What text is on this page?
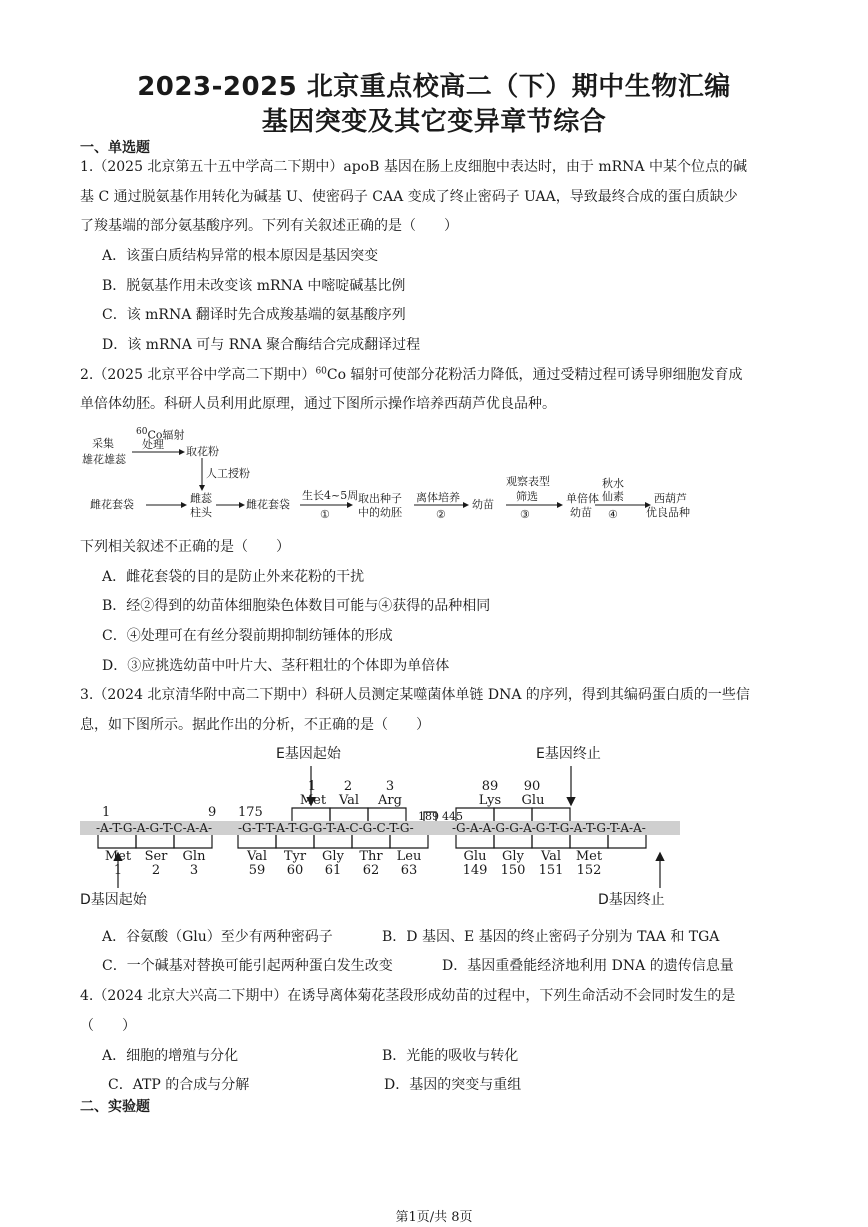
2023-2025 北京重点校高二（下）期中生物汇编
基因突变及其它变异章节综合
一、单选题
1.（2025 北京第五十五中学高二下期中）apoB 基因在肠上皮细胞中表达时，由于 mRNA 中某个位点的碱
基 C 通过脱氨基作用转化为碱基 U、使密码子 CAA 变成了终止密码子 UAA，导致最终合成的蛋白质缺少
了羧基端的部分氨基酸序列。下列有关叙述正确的是（　　）
A．该蛋白质结构异常的根本原因是基因突变
B．脱氨基作用未改变该 mRNA 中嘧啶碱基比例
C．该 mRNA 翻译时先合成羧基端的氨基酸序列
D．该 mRNA 可与 RNA 聚合酶结合完成翻译过程
2.（2025 北京平谷中学高二下期中）$^{60}$Co 辐射可使部分花粉活力降低，通过受精过程可诱导卵细胞发育成
单倍体幼胚。科研人员利用此原理，通过下图所示操作培养西葫芦优良品种。
采集
雄花雄蕊
$^{60}$Co辐射
处理
取花粉
人工授粉
雌花套袋	雌蕊
柱头
雌花套袋
生长4~5周
①
取出种子
中的幼胚
离体培养
②
幼苗
观察表型
筛选
③
单倍体
幼苗
秋水
仙素
④
西葫芦
优良品种
下列相关叙述不正确的是（　　）
A．雌花套袋的目的是防止外来花粉的干扰
B．经②得到的幼苗体细胞染色体数目可能与④获得的品种相同
C．④处理可在有丝分裂前期抑制纺锤体的形成
D．③应挑选幼苗中叶片大、茎秆粗壮的个体即为单倍体
3.（2024 北京清华附中高二下期中）科研人员测定某噬菌体单链 DNA 的序列，得到其编码蛋白质的一些信
息，如下图所示。据此作出的分析，不正确的是（　　）
E基因起始	E基因终止
1
Met
2
Val
3
Arg
89
Lys
90
Glu
1	9 175	189 445
-A-T-G-A-G-T-C-A-A- -G-T-T-A-T-G-G-T-A-C-G-C-T-G-	-G-A-A-G-G-A-G-T-G-A-T-G-T-A-A-
Met
1
Ser
2
Gln
3
Val
59
Tyr
60
Gly
61
Thr
62
Leu
63
Glu
149
Gly
150
Val
151
Met
152
D基因起始	D基因终止
A．谷氨酸（Glu）至少有两种密码子	B．D 基因、E 基因的终止密码子分别为 TAA 和 TGA
C．一个碱基对替换可能引起两种蛋白发生改变	D．基因重叠能经济地利用 DNA 的遗传信息量
4.（2024 北京大兴高二下期中）在诱导离体菊花茎段形成幼苗的过程中，下列生命活动不会同时发生的是
（　　）
A．细胞的增殖与分化	B．光能的吸收与转化
C．ATP 的合成与分解	D．基因的突变与重组
二、实验题
第1页/共 8页
